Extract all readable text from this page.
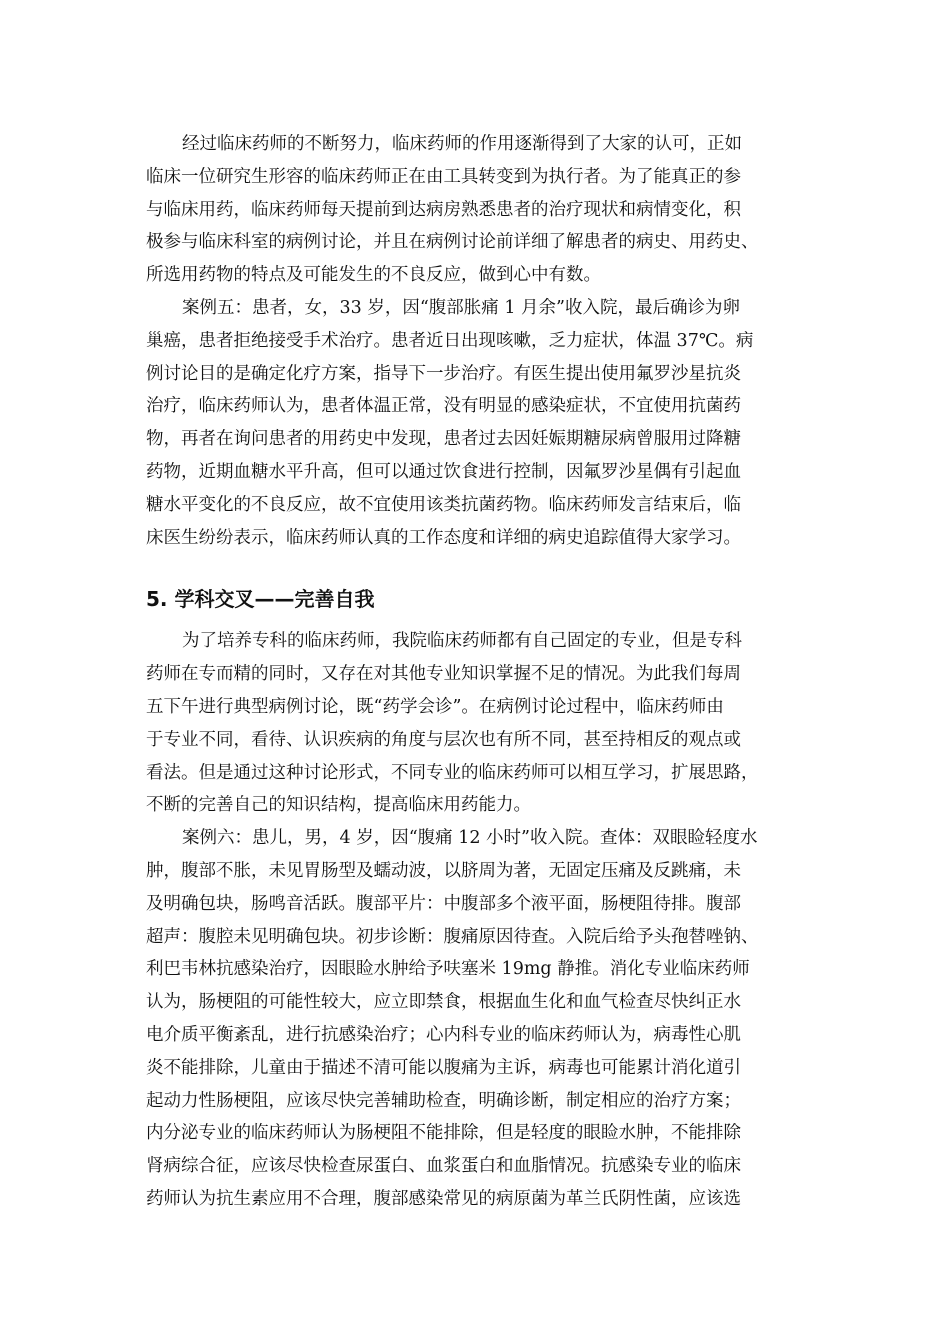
经过临床药师的不断努力，临床药师的作用逐渐得到了大家的认可，正如
临床一位研究生形容的临床药师正在由工具转变到为执行者。为了能真正的参
与临床用药，临床药师每天提前到达病房熟悉患者的治疗现状和病情变化，积
极参与临床科室的病例讨论，并且在病例讨论前详细了解患者的病史、用药史、
所选用药物的特点及可能发生的不良反应，做到心中有数。
案例五：患者，女，33 岁，因“腹部胀痛 1 月余”收入院，最后确诊为卵
巢癌，患者拒绝接受手术治疗。患者近日出现咳嗽，乏力症状，体温 37℃。病
例讨论目的是确定化疗方案，指导下一步治疗。有医生提出使用氟罗沙星抗炎
治疗，临床药师认为，患者体温正常，没有明显的感染症状，不宜使用抗菌药
物，再者在询问患者的用药史中发现，患者过去因妊娠期糖尿病曾服用过降糖
药物，近期血糖水平升高，但可以通过饮食进行控制，因氟罗沙星偶有引起血
糖水平变化的不良反应，故不宜使用该类抗菌药物。临床药师发言结束后，临
床医生纷纷表示，临床药师认真的工作态度和详细的病史追踪值得大家学习。
5. 学科交叉——完善自我
为了培养专科的临床药师，我院临床药师都有自己固定的专业，但是专科
药师在专而精的同时，又存在对其他专业知识掌握不足的情况。为此我们每周
五下午进行典型病例讨论，既“药学会诊”。在病例讨论过程中，临床药师由
于专业不同，看待、认识疾病的角度与层次也有所不同，甚至持相反的观点或
看法。但是通过这种讨论形式，不同专业的临床药师可以相互学习，扩展思路，
不断的完善自己的知识结构，提高临床用药能力。
案例六：患儿，男，4 岁，因“腹痛 12 小时”收入院。查体：双眼睑轻度水
肿，腹部不胀，未见胃肠型及蠕动波，以脐周为著，无固定压痛及反跳痛，未
及明确包块，肠鸣音活跃。腹部平片：中腹部多个液平面，肠梗阻待排。腹部
超声：腹腔未见明确包块。初步诊断：腹痛原因待查。入院后给予头孢替唑钠、
利巴韦林抗感染治疗，因眼睑水肿给予呋塞米 19mg 静推。消化专业临床药师
认为，肠梗阻的可能性较大，应立即禁食，根据血生化和血气检查尽快纠正水
电介质平衡紊乱，进行抗感染治疗；心内科专业的临床药师认为，病毒性心肌
炎不能排除，儿童由于描述不清可能以腹痛为主诉，病毒也可能累计消化道引
起动力性肠梗阻，应该尽快完善辅助检查，明确诊断，制定相应的治疗方案；
内分泌专业的临床药师认为肠梗阻不能排除，但是轻度的眼睑水肿，不能排除
肾病综合征，应该尽快检查尿蛋白、血浆蛋白和血脂情况。抗感染专业的临床
药师认为抗生素应用不合理，腹部感染常见的病原菌为革兰氏阴性菌，应该选
